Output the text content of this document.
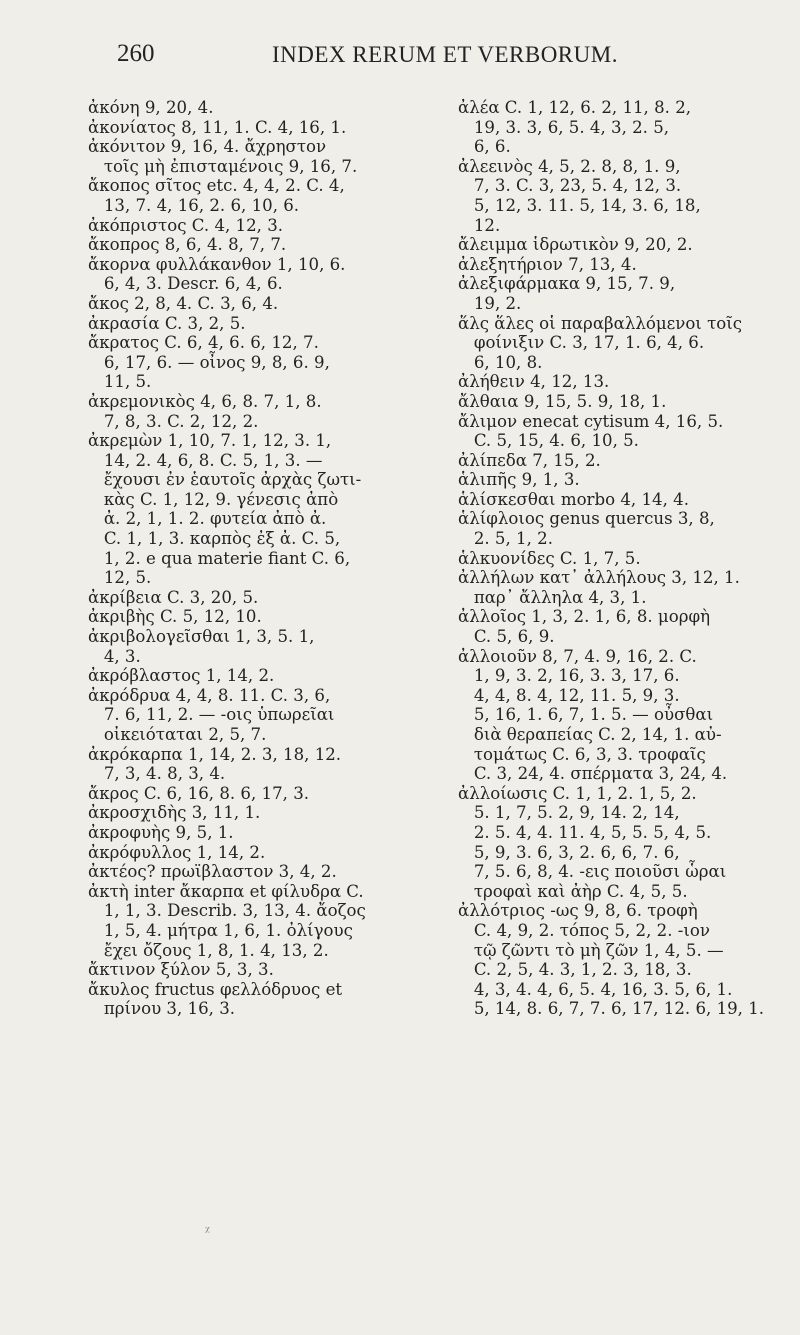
260	INDEX RERUM ET VERBORUM.
ἀκόνη 9, 20, 4.
ἀκονίατος 8, 11, 1. C. 4, 16, 1.
ἀκόνιτον 9, 16, 4. ἄχρηστον
τοῖς μὴ ἐπισταμένοις 9, 16, 7.
ἄκοπος σῖτος etc. 4, 4, 2. C. 4,
13, 7. 4, 16, 2. 6, 10, 6.
ἀκόπριστος C. 4, 12, 3.
ἄκοπρος 8, 6, 4. 8, 7, 7.
ἄκορνα φυλλάκανθον 1, 10, 6.
6, 4, 3. Descr. 6, 4, 6.
ἄκος 2, 8, 4. C. 3, 6, 4.
ἀκρασία C. 3, 2, 5.
ἄκρατος C. 6, 4, 6. 6, 12, 7.
6, 17, 6. — οἶνος 9, 8, 6. 9,
11, 5.
ἀκρεμονικὸς 4, 6, 8. 7, 1, 8.
7, 8, 3. C. 2, 12, 2.
ἀκρεμὼν 1, 10, 7. 1, 12, 3. 1,
14, 2. 4, 6, 8. C. 5, 1, 3. —
ἔχουσι ἐν ἑαυτοῖς ἀρχὰς ζωτι-
κὰς C. 1, 12, 9. γένεσις ἀπὸ
ἀ. 2, 1, 1. 2. φυτεία ἀπὸ ἀ.
C. 1, 1, 3. καρπὸς ἐξ ἀ. C. 5,
1, 2. e qua materie fiant C. 6,
12, 5.
ἀκρίβεια C. 3, 20, 5.
ἀκριβὴς C. 5, 12, 10.
ἀκριβολογεῖσθαι 1, 3, 5. 1,
4, 3.
ἀκρόβλαστος 1, 14, 2.
ἀκρόδρυα 4, 4, 8. 11. C. 3, 6,
7. 6, 11, 2. — -οις ὑπωρεῖαι
οἰκειόταται 2, 5, 7.
ἀκρόκαρπα 1, 14, 2. 3, 18, 12.
7, 3, 4. 8, 3, 4.
ἄκρος C. 6, 16, 8. 6, 17, 3.
ἀκροσχιδὴς 3, 11, 1.
ἀκροφυὴς 9, 5, 1.
ἀκρόφυλλος 1, 14, 2.
ἀκτέος? πρωϊβλαστον 3, 4, 2.
ἀκτὴ inter ἄκαρπα et φίλυδρα C.
1, 1, 3. Describ. 3, 13, 4. ἄοζος
1, 5, 4. μήτρα 1, 6, 1. ὀλίγους
ἔχει ὄζους 1, 8, 1. 4, 13, 2.
ἄκτινον ξύλον 5, 3, 3.
ἄκυλος fructus φελλόδρυος et
πρίνου 3, 16, 3.
ἀλέα C. 1, 12, 6. 2, 11, 8. 2,
19, 3. 3, 6, 5. 4, 3, 2. 5,
6, 6.
ἀλεεινὸς 4, 5, 2. 8, 8, 1. 9,
7, 3. C. 3, 23, 5. 4, 12, 3.
5, 12, 3. 11. 5, 14, 3. 6, 18,
12.
ἄλειμμα ἱδρωτικὸν 9, 20, 2.
ἀλεξητήριον 7, 13, 4.
ἀλεξιφάρμακα 9, 15, 7. 9,
19, 2.
ἅλς ἅλες οἱ παραβαλλόμενοι τοῖς
φοίνιξιν C. 3, 17, 1. 6, 4, 6.
6, 10, 8.
ἀλήθειν 4, 12, 13.
ἄλθαια 9, 15, 5. 9, 18, 1.
ἄλιμον enecat cytisum 4, 16, 5.
C. 5, 15, 4. 6, 10, 5.
ἀλίπεδα 7, 15, 2.
ἁλιπῆς 9, 1, 3.
ἁλίσκεσθαι morbo 4, 14, 4.
ἁλίφλοιος genus quercus 3, 8,
2. 5, 1, 2.
ἁλκυονίδες C. 1, 7, 5.
ἀλλήλων κατ᾽ ἀλλήλους 3, 12, 1.
παρ᾽ ἄλληλα 4, 3, 1.
ἀλλοῖος 1, 3, 2. 1, 6, 8. μορφὴ
C. 5, 6, 9.
ἀλλοιοῦν 8, 7, 4. 9, 16, 2. C.
1, 9, 3. 2, 16, 3. 3, 17, 6.
4, 4, 8. 4, 12, 11. 5, 9, 3.
5, 16, 1. 6, 7, 1. 5. — οὖσθαι
διὰ θεραπείας C. 2, 14, 1. αὐ-
τομάτως C. 6, 3, 3. τροφαῖς
C. 3, 24, 4. σπέρματα 3, 24, 4.
ἀλλοίωσις C. 1, 1, 2. 1, 5, 2.
5. 1, 7, 5. 2, 9, 14. 2, 14,
2. 5. 4, 4. 11. 4, 5, 5. 5, 4, 5.
5, 9, 3. 6, 3, 2. 6, 6, 7. 6,
7, 5. 6, 8, 4. -εις ποιοῦσι ὧραι
τροφαὶ καὶ ἀὴρ C. 4, 5, 5.
ἀλλότριος -ως 9, 8, 6. τροφὴ
C. 4, 9, 2. τόπος 5, 2, 2. -ιον
τῷ ζῶντι τὸ μὴ ζῶν 1, 4, 5. —
C. 2, 5, 4. 3, 1, 2. 3, 18, 3.
4, 3, 4. 4, 6, 5. 4, 16, 3. 5, 6, 1.
5, 14, 8. 6, 7, 7. 6, 17, 12. 6, 19, 1.
ᵡ
